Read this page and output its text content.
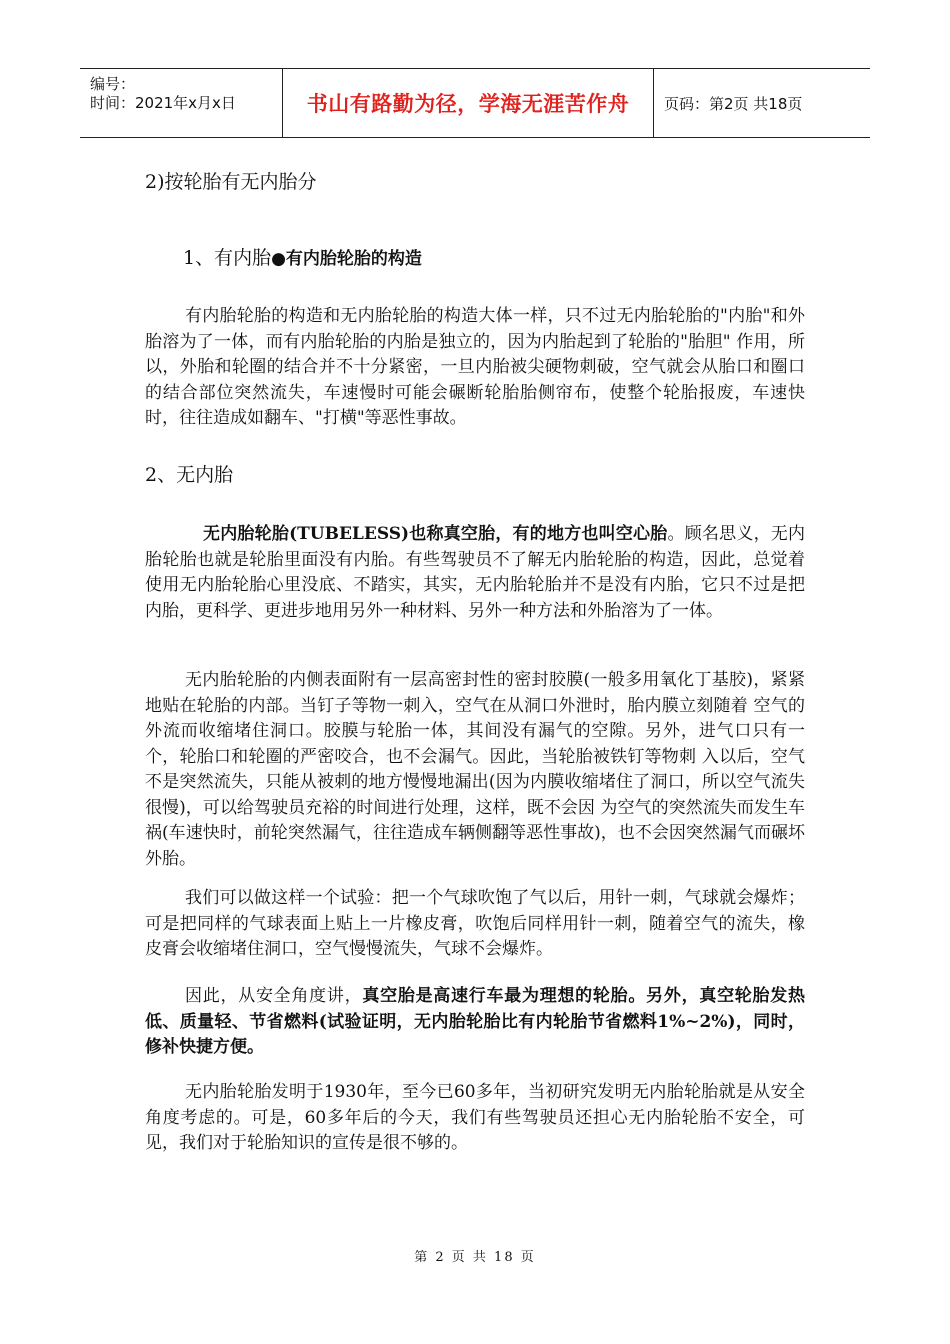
编号：
时间：2021年x月x日	书山有路勤为径，学海无涯苦作舟	页码：第2页 共18页

2)按轮胎有无内胎分

1、有内胎●有内胎轮胎的构造

有内胎轮胎的构造和无内胎轮胎的构造大体一样，只不过无内胎轮胎的"内胎"和外胎溶为了一体，而有内胎轮胎的内胎是独立的，因为内胎起到了轮胎的"胎胆" 作用，所以，外胎和轮圈的结合并不十分紧密，一旦内胎被尖硬物刺破，空气就会从胎口和圈口的结合部位突然流失，车速慢时可能会碾断轮胎胎侧帘布，使整个轮胎报废，车速快时，往往造成如翻车、"打横"等恶性事故。

2、无内胎

无内胎轮胎(TUBELESS)也称真空胎，有的地方也叫空心胎。顾名思义，无内胎轮胎也就是轮胎里面没有内胎。有些驾驶员不了解无内胎轮胎的构造，因此，总觉着使用无内胎轮胎心里没底、不踏实，其实，无内胎轮胎并不是没有内胎，它只不过是把内胎，更科学、更进步地用另外一种材料、另外一种方法和外胎溶为了一体。

无内胎轮胎的内侧表面附有一层高密封性的密封胶膜(一般多用氧化丁基胶)，紧紧地贴在轮胎的内部。当钉子等物一刺入，空气在从洞口外泄时，胎内膜立刻随着 空气的外流而收缩堵住洞口。胶膜与轮胎一体，其间没有漏气的空隙。另外，进气口只有一个，轮胎口和轮圈的严密咬合，也不会漏气。因此，当轮胎被铁钉等物刺 入以后，空气不是突然流失，只能从被刺的地方慢慢地漏出(因为内膜收缩堵住了洞口，所以空气流失很慢)，可以给驾驶员充裕的时间进行处理，这样，既不会因 为空气的突然流失而发生车祸(车速快时，前轮突然漏气，往往造成车辆侧翻等恶性事故)，也不会因突然漏气而碾坏外胎。

我们可以做这样一个试验：把一个气球吹饱了气以后，用针一刺，气球就会爆炸；可是把同样的气球表面上贴上一片橡皮膏，吹饱后同样用针一刺，随着空气的流失，橡皮膏会收缩堵住洞口，空气慢慢流失，气球不会爆炸。

因此，从安全角度讲，真空胎是高速行车最为理想的轮胎。另外，真空轮胎发热低、质量轻、节省燃料(试验证明，无内胎轮胎比有内轮胎节省燃料1%~2%)，同时，修补快捷方便。

无内胎轮胎发明于1930年，至今已60多年，当初研究发明无内胎轮胎就是从安全角度考虑的。可是，60多年后的今天，我们有些驾驶员还担心无内胎轮胎不安全，可见，我们对于轮胎知识的宣传是很不够的。

第 2 页 共 18 页
